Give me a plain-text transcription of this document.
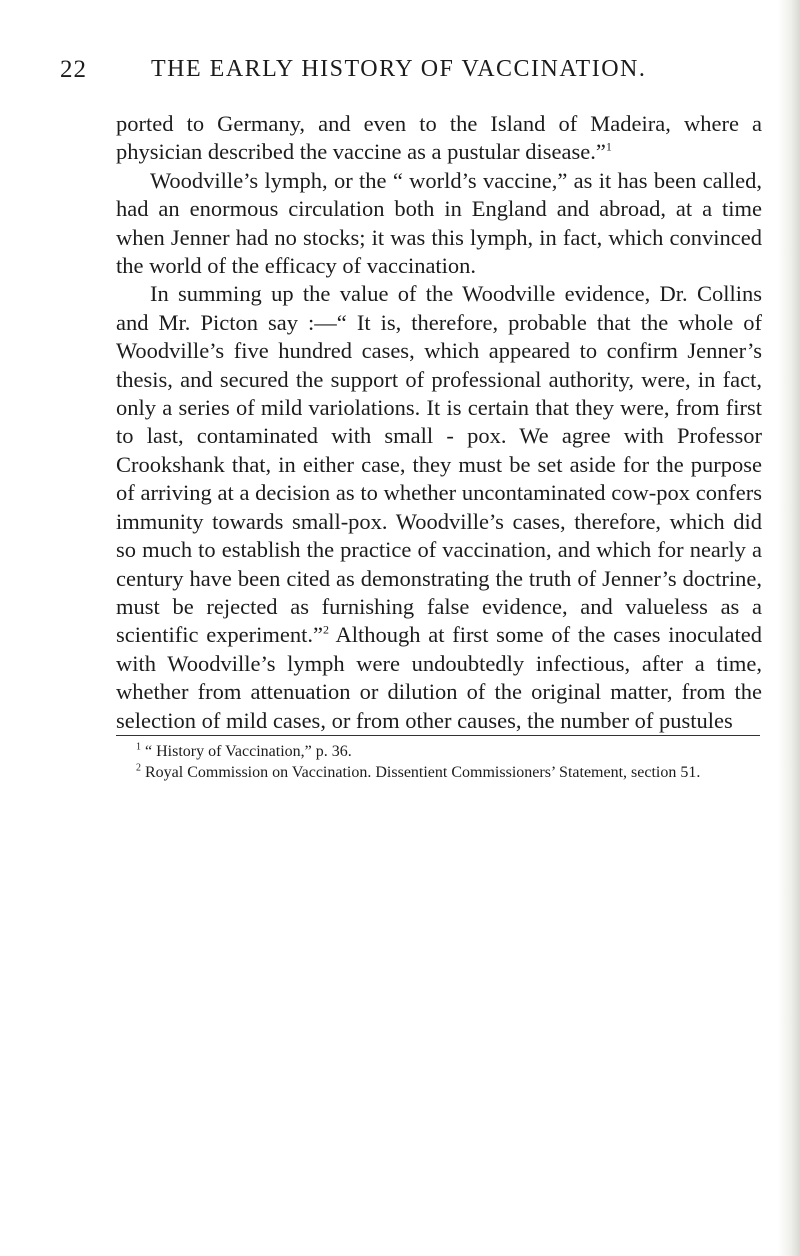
22	THE EARLY HISTORY OF VACCINATION.

ported to Germany, and even to the Island of Madeira, where a physician described the vaccine as a pustular disease.”$^1$

Woodville’s lymph, or the “ world’s vaccine,” as it has been called, had an enormous circulation both in England and abroad, at a time when Jenner had no stocks; it was this lymph, in fact, which convinced the world of the efficacy of vaccination.

In summing up the value of the Woodville evidence, Dr. Collins and Mr. Picton say :—“ It is, therefore, probable that the whole of Woodville’s five hundred cases, which appeared to confirm Jenner’s thesis, and secured the support of professional authority, were, in fact, only a series of mild variolations. It is certain that they were, from first to last, contaminated with small - pox. We agree with Professor Crookshank that, in either case, they must be set aside for the purpose of arriving at a decision as to whether uncontaminated cow-pox confers immunity towards small-pox. Woodville’s cases, therefore, which did so much to establish the practice of vaccination, and which for nearly a century have been cited as demonstrating the truth of Jenner’s doctrine, must be rejected as furnishing false evidence, and valueless as a scientific experiment.”$^2$ Although at first some of the cases inoculated with Woodville’s lymph were undoubtedly infectious, after a time, whether from attenuation or dilution of the original matter, from the selection of mild cases, or from other causes, the number of pustules

$^1$ “ History of Vaccination,” p. 36.

$^2$ Royal Commission on Vaccination. Dissentient Commissioners’ Statement, section 51.
